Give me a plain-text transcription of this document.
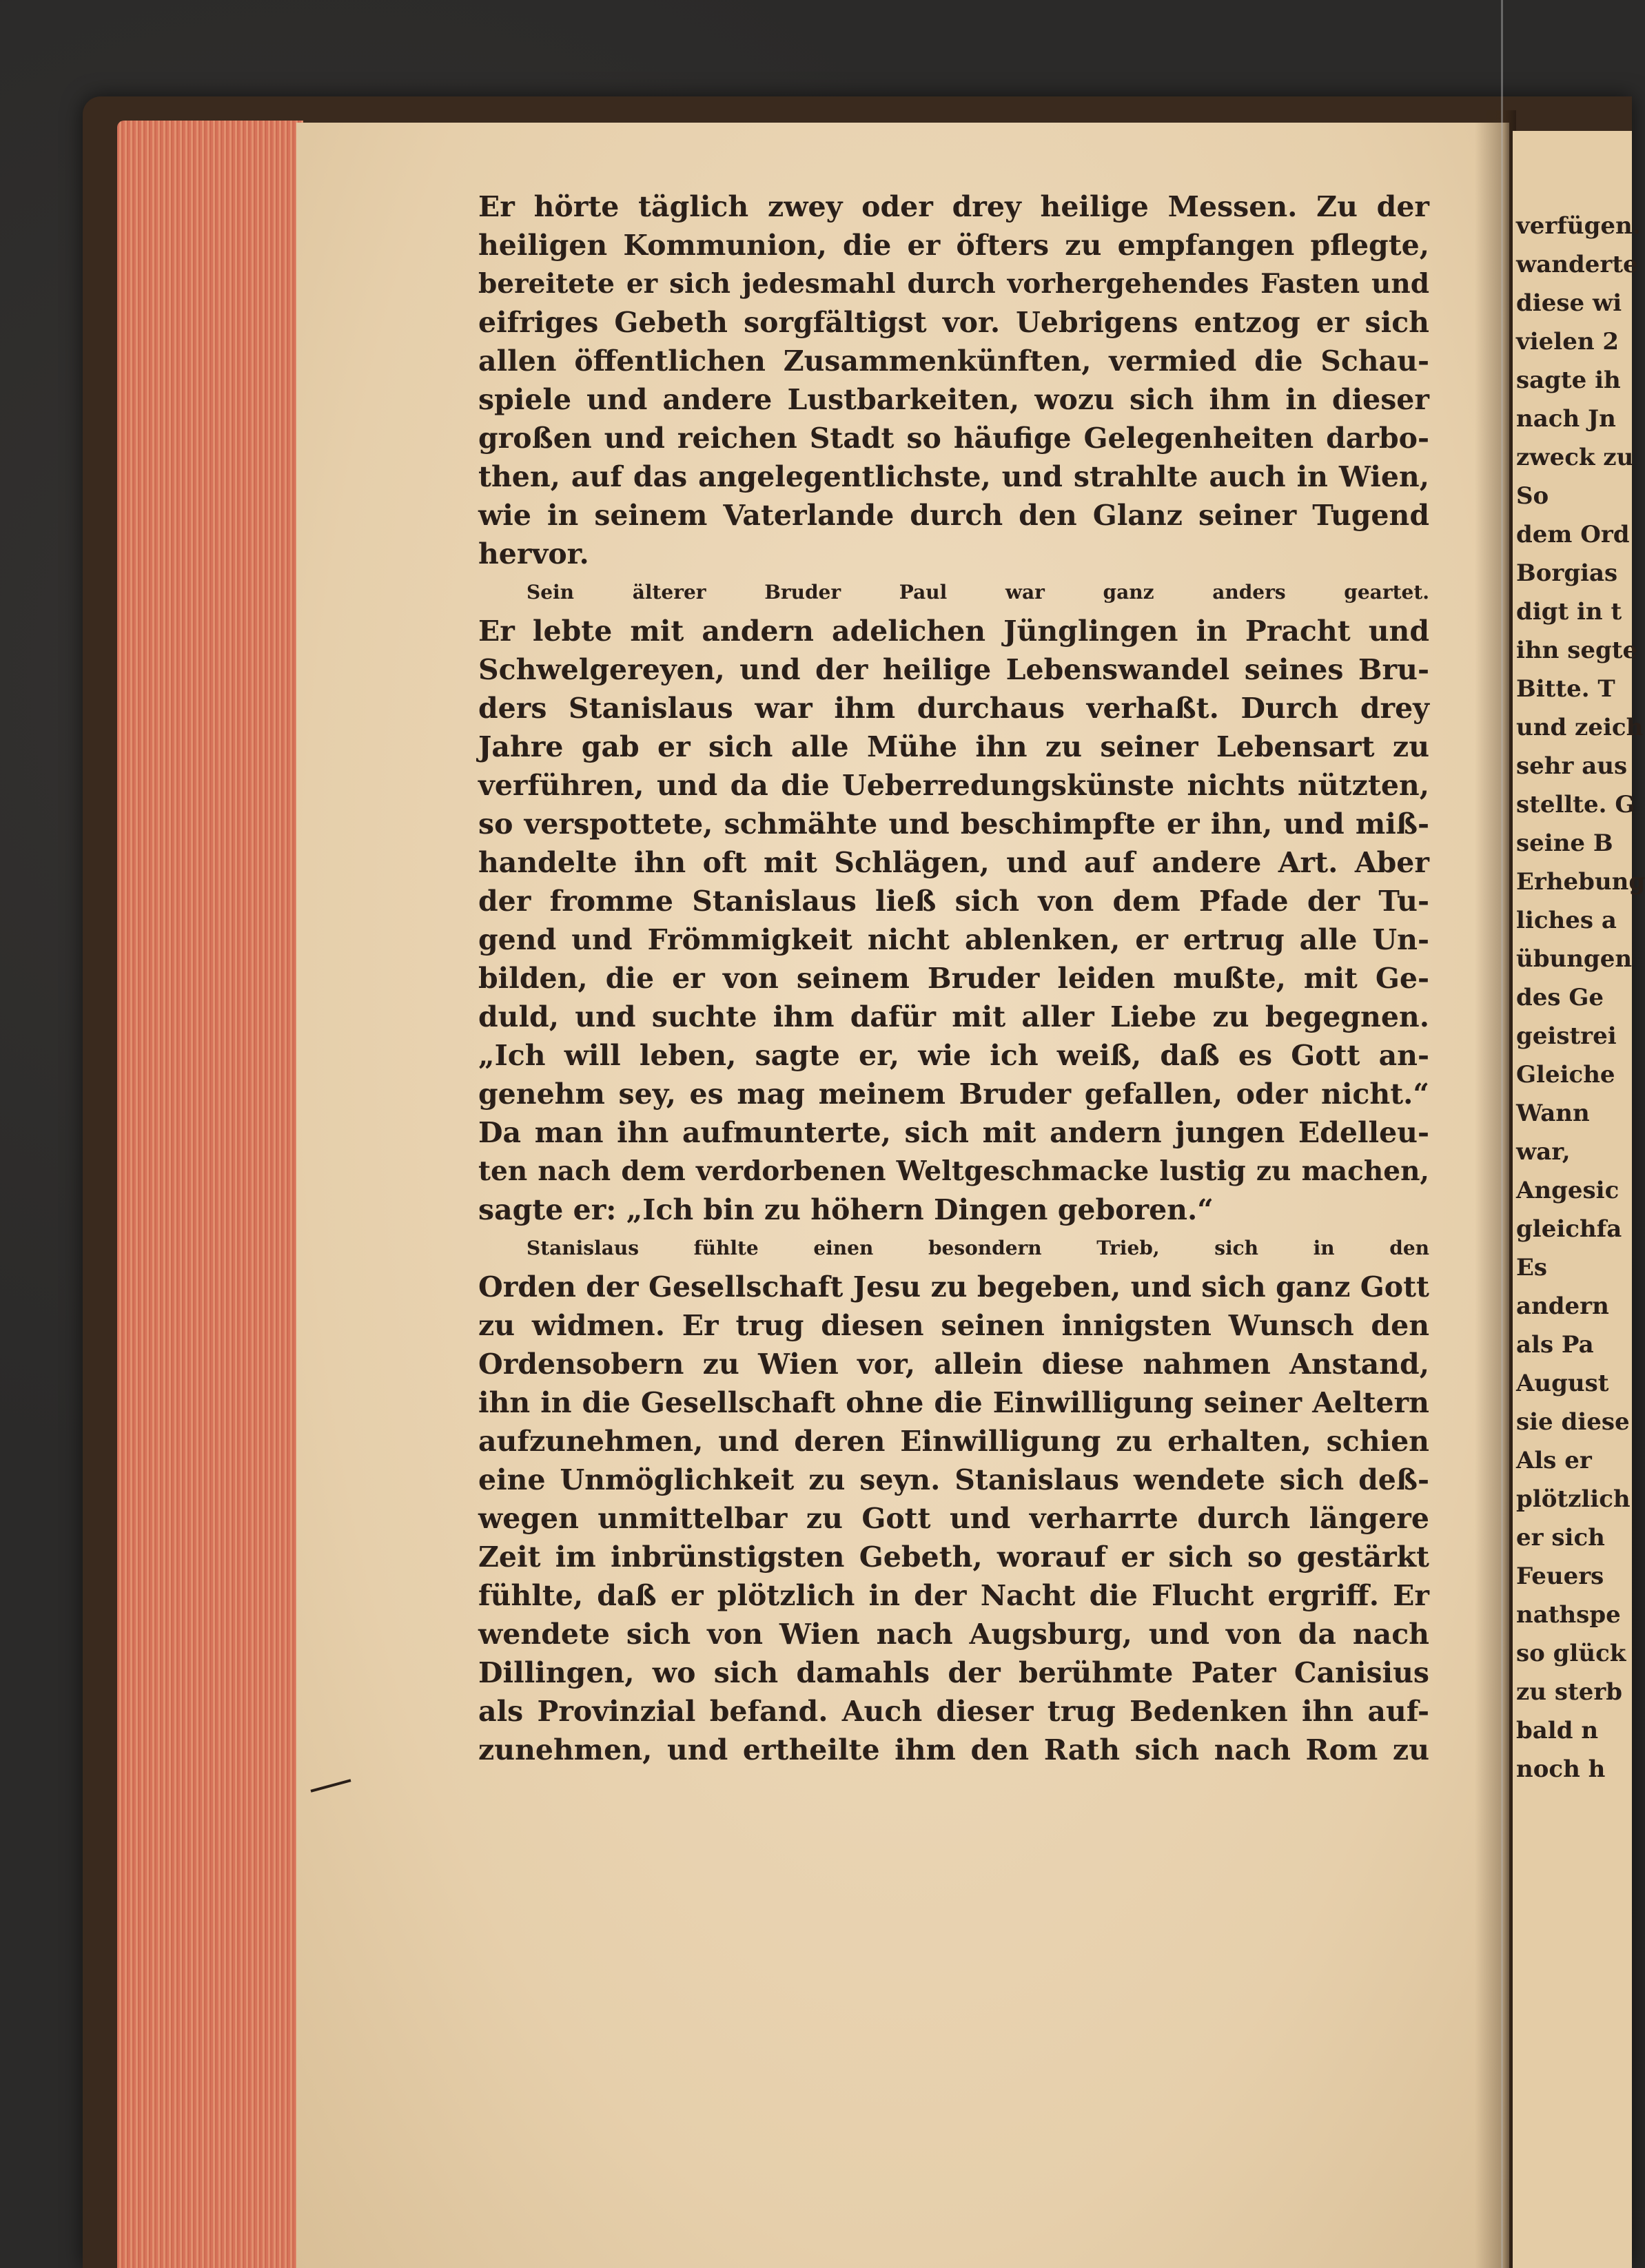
Er hörte täglich zwey oder drey heilige Messen. Zu der
heiligen Kommunion, die er öfters zu empfangen pflegte,
bereitete er sich jedesmahl durch vorhergehendes Fasten und
eifriges Gebeth sorgfältigst vor. Uebrigens entzog er sich
allen öffentlichen Zusammenkünften, vermied die Schau-
spiele und andere Lustbarkeiten, wozu sich ihm in dieser
großen und reichen Stadt so häufige Gelegenheiten darbo-
then, auf das angelegentlichste, und strahlte auch in Wien,
wie in seinem Vaterlande durch den Glanz seiner Tugend
hervor.
Sein älterer Bruder Paul war ganz anders geartet.
Er lebte mit andern adelichen Jünglingen in Pracht und
Schwelgereyen, und der heilige Lebenswandel seines Bru-
ders Stanislaus war ihm durchaus verhaßt. Durch drey
Jahre gab er sich alle Mühe ihn zu seiner Lebensart zu
verführen, und da die Ueberredungskünste nichts nützten,
so verspottete, schmähte und beschimpfte er ihn, und miß-
handelte ihn oft mit Schlägen, und auf andere Art. Aber
der fromme Stanislaus ließ sich von dem Pfade der Tu-
gend und Frömmigkeit nicht ablenken, er ertrug alle Un-
bilden, die er von seinem Bruder leiden mußte, mit Ge-
duld, und suchte ihm dafür mit aller Liebe zu begegnen.
„Ich will leben, sagte er, wie ich weiß, daß es Gott an-
genehm sey, es mag meinem Bruder gefallen, oder nicht.“
Da man ihn aufmunterte, sich mit andern jungen Edelleu-
ten nach dem verdorbenen Weltgeschmacke lustig zu machen,
sagte er: „Ich bin zu höhern Dingen geboren.“
Stanislaus fühlte einen besondern Trieb, sich in den
Orden der Gesellschaft Jesu zu begeben, und sich ganz Gott
zu widmen. Er trug diesen seinen innigsten Wunsch den
Ordensobern zu Wien vor, allein diese nahmen Anstand,
ihn in die Gesellschaft ohne die Einwilligung seiner Aeltern
aufzunehmen, und deren Einwilligung zu erhalten, schien
eine Unmöglichkeit zu seyn. Stanislaus wendete sich deß-
wegen unmittelbar zu Gott und verharrte durch längere
Zeit im inbrünstigsten Gebeth, worauf er sich so gestärkt
fühlte, daß er plötzlich in der Nacht die Flucht ergriff. Er
wendete sich von Wien nach Augsburg, und von da nach
Dillingen, wo sich damahls der berühmte Pater Canisius
als Provinzial befand. Auch dieser trug Bedenken ihn auf-
zunehmen, und ertheilte ihm den Rath sich nach Rom zu
verfügen.
wanderte
diese wi
vielen 2
sagte ih
nach Jn
zweck zu
So
dem Ord
Borgias
digt in t
ihn segte
Bitte. T
und zeich
sehr aus
stellte. G
seine B
Erhebung
liches a
übungen
des Ge
geistrei
Gleiche
Wann
war,
Angesic
gleichfa
Es
andern
als Pa
August
sie diese
Als er
plötzlich
er sich
Feuers
nathspe
so glück
zu sterb
bald n
noch h
